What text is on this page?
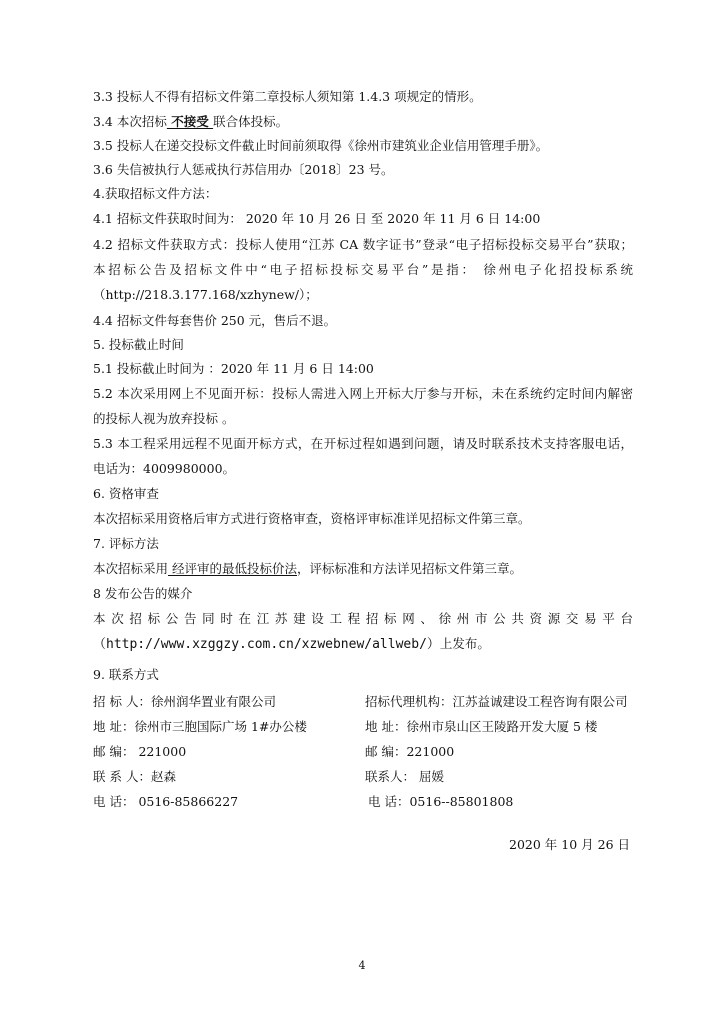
3.3 投标人不得有招标文件第二章投标人须知第 1.4.3 项规定的情形。
3.4 本次招标 不接受 联合体投标。
3.5 投标人在递交投标文件截止时间前须取得《徐州市建筑业企业信用管理手册》。
3.6 失信被执行人惩戒执行苏信用办〔2018〕23 号。
4.获取招标文件方法：
4.1 招标文件获取时间为： 2020 年 10 月 26 日 至 2020 年 11 月 6 日 14:00
4.2 招标文件获取方式：投标人使用“江苏 CA 数字证书”登录“电子招标投标交易平台”获取；
本招标公告及招标文件中“电子招标投标交易平台”是指： 徐州电子化招投标系统
（http://218.3.177.168/xzhynew/）；
4.4 招标文件每套售价 250 元，售后不退。
5. 投标截止时间
5.1 投标截止时间为 ：2020 年 11 月 6 日 14:00
5.2 本次采用网上不见面开标：投标人需进入网上开标大厅参与开标，未在系统约定时间内解密
的投标人视为放弃投标 。
5.3 本工程采用远程不见面开标方式，在开标过程如遇到问题，请及时联系技术支持客服电话，
电话为：4009980000。
6. 资格审查
本次招标采用资格后审方式进行资格审查，资格评审标准详见招标文件第三章。
7. 评标方法
本次招标采用 经评审的最低投标价法，评标标准和方法详见招标文件第三章。
8 发布公告的媒介
本次招标公告同时在江苏建设工程招标网、徐州市公共资源交易平台
（http://www.xzggzy.com.cn/xzwebnew/allweb/）上发布。
9. 联系方式
招 标 人：徐州润华置业有限公司	招标代理机构：江苏益诚建设工程咨询有限公司
地 址：徐州市三胞国际广场 1#办公楼	地 址：徐州市泉山区王陵路开发大厦 5 楼
邮 编： 221000	邮 编：221000
联 系 人：赵森	联系人： 屈媛
电 话： 0516-85866227	电 话：0516--85801808
2020 年 10 月 26 日
4
